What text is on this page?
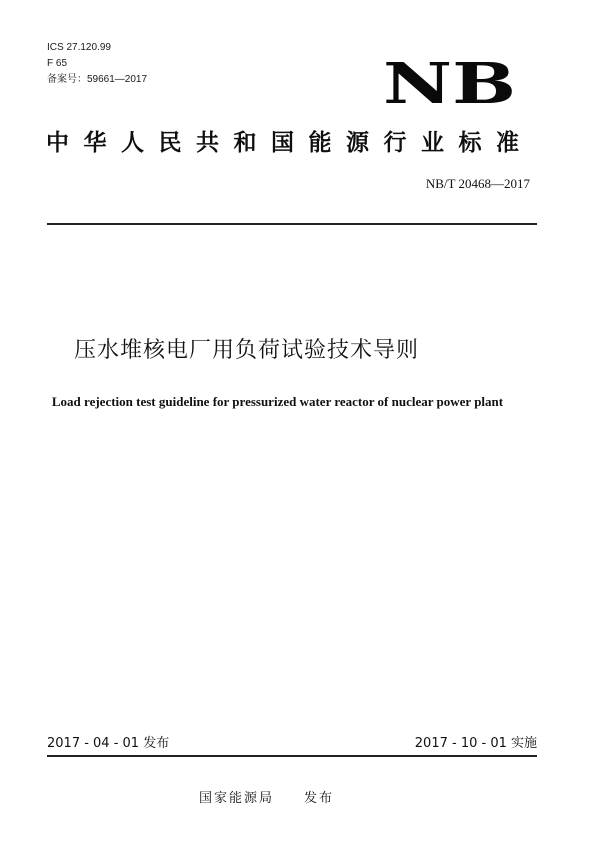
ICS 27.120.99
F 65
备案号：59661—2017	NB
中华人民共和国能源行业标准
NB/T 20468—2017
压水堆核电厂用负荷试验技术导则
Load rejection test guideline for pressurized water reactor of nuclear power plant
2017 - 04 - 01 发布	2017 - 10 - 01 实施
国家能源局　　发布
